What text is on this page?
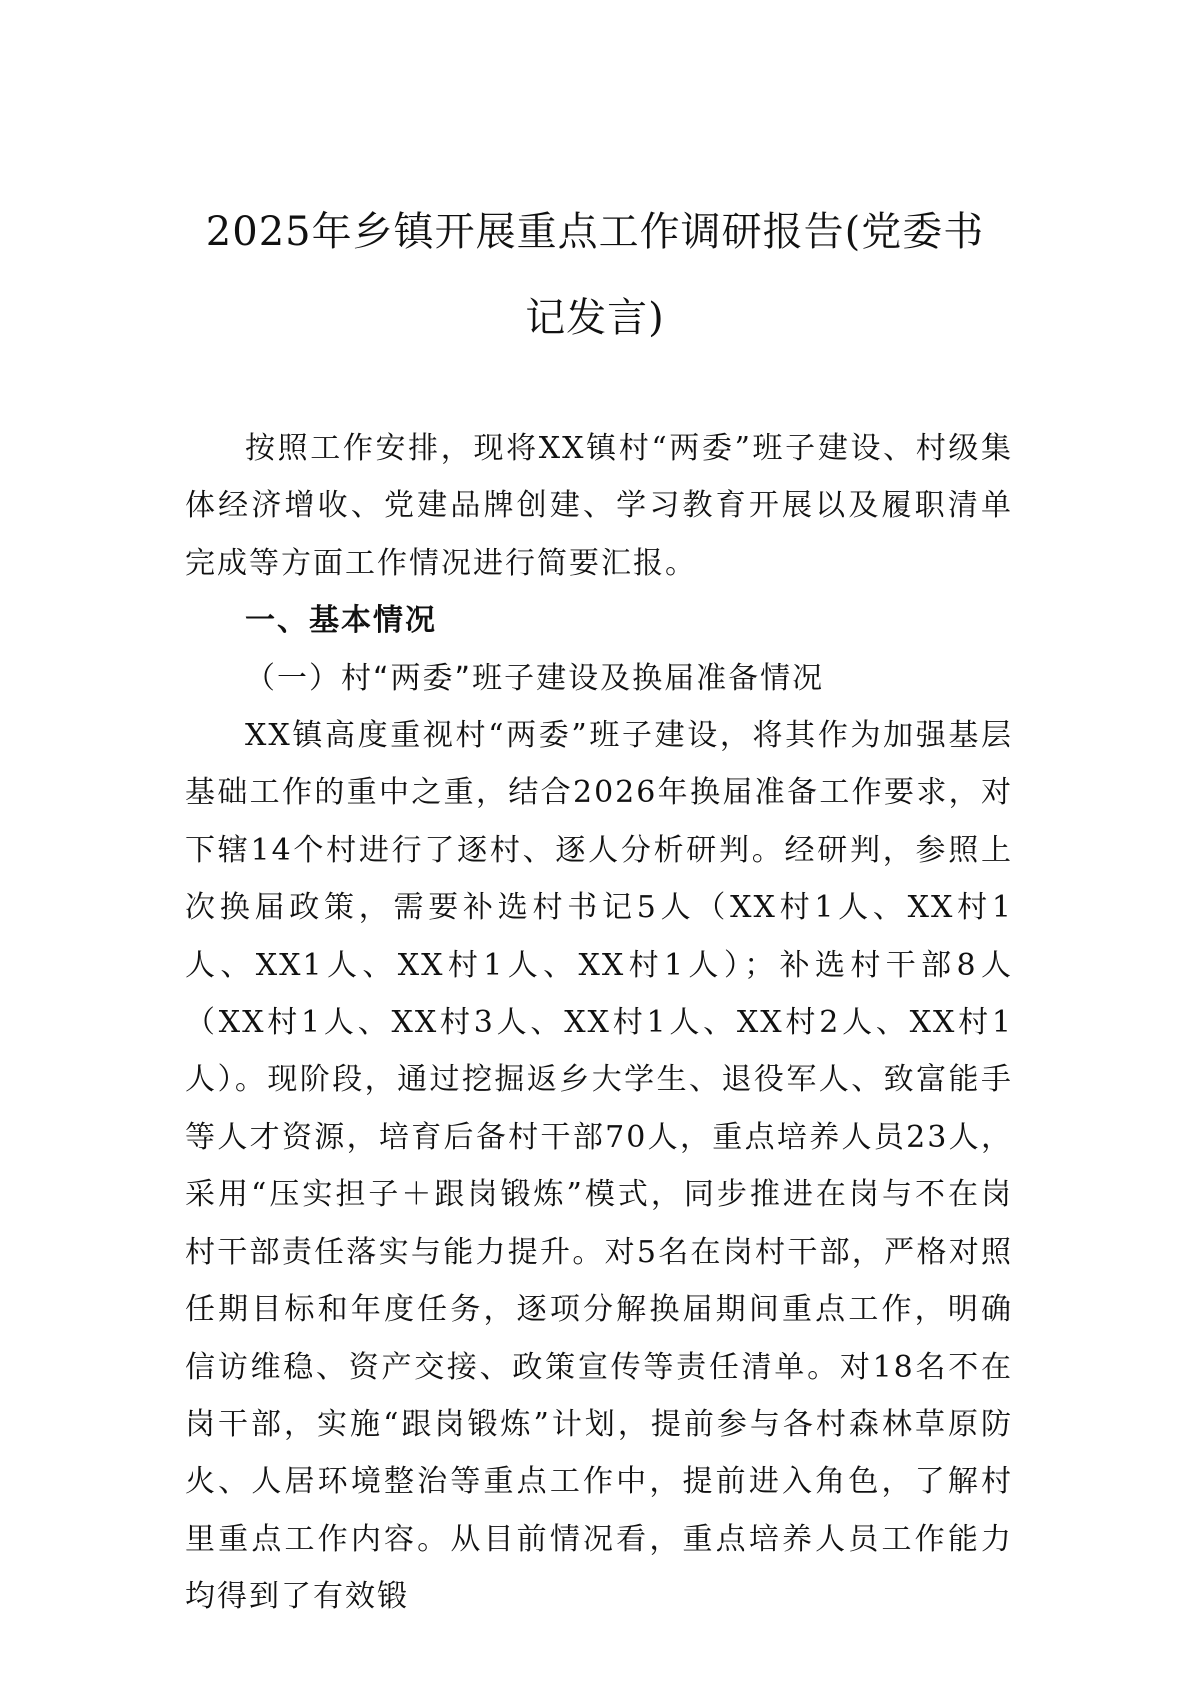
2025年乡镇开展重点工作调研报告(党委书
记发言)

按照工作安排，现将XX镇村“两委”班子建设、村级集体经济增收、党建品牌创建、学习教育开展以及履职清单完成等方面工作情况进行简要汇报。

一、基本情况

（一）村“两委”班子建设及换届准备情况

XX镇高度重视村“两委”班子建设，将其作为加强基层基础工作的重中之重，结合2026年换届准备工作要求，对下辖14个村进行了逐村、逐人分析研判。经研判，参照上次换届政策，需要补选村书记5人（XX村1人、XX村1人、XX1人、XX村1人、XX村1人）；补选村干部8人（XX村1人、XX村3人、XX村1人、XX村2人、XX村1人）。现阶段，通过挖掘返乡大学生、退役军人、致富能手等人才资源，培育后备村干部70人，重点培养人员23人，采用“压实担子＋跟岗锻炼”模式，同步推进在岗与不在岗村干部责任落实与能力提升。对5名在岗村干部，严格对照任期目标和年度任务，逐项分解换届期间重点工作，明确信访维稳、资产交接、政策宣传等责任清单。对18名不在岗干部，实施“跟岗锻炼”计划，提前参与各村森林草原防火、人居环境整治等重点工作中，提前进入角色，了解村里重点工作内容。从目前情况看，重点培养人员工作能力均得到了有效锻
